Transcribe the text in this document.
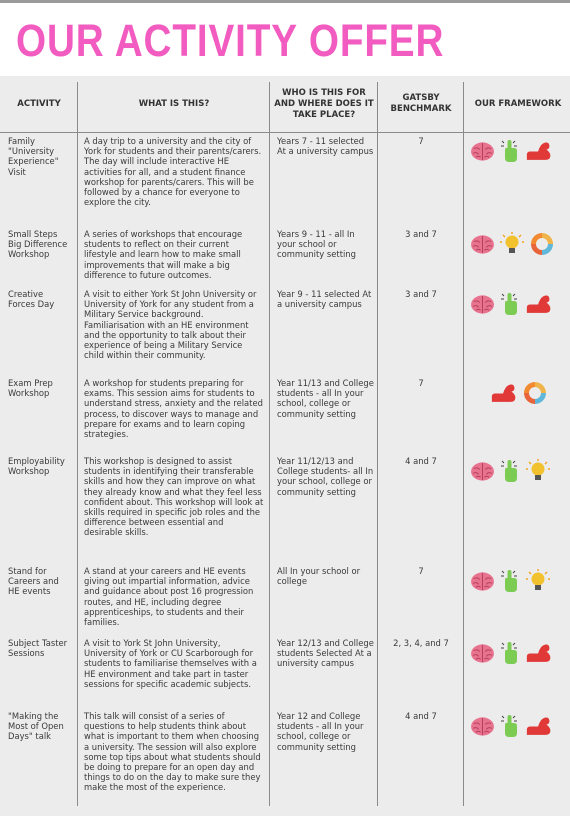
OUR ACTIVITY OFFER
ACTIVITY	WHAT IS THIS?
WHO IS THIS FOR AND WHERE DOES IT TAKE PLACE?
GATSBY BENCHMARK
OUR FRAMEWORK
Family "University Experience" Visit
A day trip to a university and the city of York for students and their parents/carers. The day will include interactive HE activities for all, and a student finance workshop for parents/carers. This will be followed by a chance for everyone to explore the city.
Years 7 - 11 selected At a university campus
7
Small Steps Big Difference Workshop
A series of workshops that encourage students to reflect on their current lifestyle and learn how to make small improvements that will make a big difference to future outcomes.
Years 9 - 11 - all In your school or community setting
3 and 7
Creative Forces Day
A visit to either York St John University or University of York for any student from a Military Service background. Familiarisation with an HE environment and the opportunity to talk about their experience of being a Military Service child within their community.
Year 9 - 11 selected At a university campus
3 and 7
Exam Prep Workshop
A workshop for students preparing for exams. This session aims for students to understand stress, anxiety and the related process, to discover ways to manage and prepare for exams and to learn coping strategies.
Year 11/13 and College students - all In your school, college or community setting
7
Employability Workshop
This workshop is designed to assist students in identifying their transferable skills and how they can improve on what they already know and what they feel less confident about. This workshop will look at skills required in specific job roles and the difference between essential and desirable skills.
Year 11/12/13 and College students- all In your school, college or community setting
4 and 7
Stand for Careers and HE events
A stand at your careers and HE events giving out impartial information, advice and guidance about post 16 progression routes, and HE, including degree apprenticeships, to students and their families.
All In your school or college
7
Subject Taster Sessions
A visit to York St John University, University of York or CU Scarborough for students to familiarise themselves with a HE environment and take part in taster sessions for specific academic subjects.
Year 12/13 and College students Selected At a university campus
2, 3, 4, and 7
"Making the Most of Open Days" talk
This talk will consist of a series of questions to help students think about what is important to them when choosing a university. The session will also explore some top tips about what students should be doing to prepare for an open day and things to do on the day to make sure they make the most of the experience.
Year 12 and College students - all In your school, college or community setting
4 and 7
